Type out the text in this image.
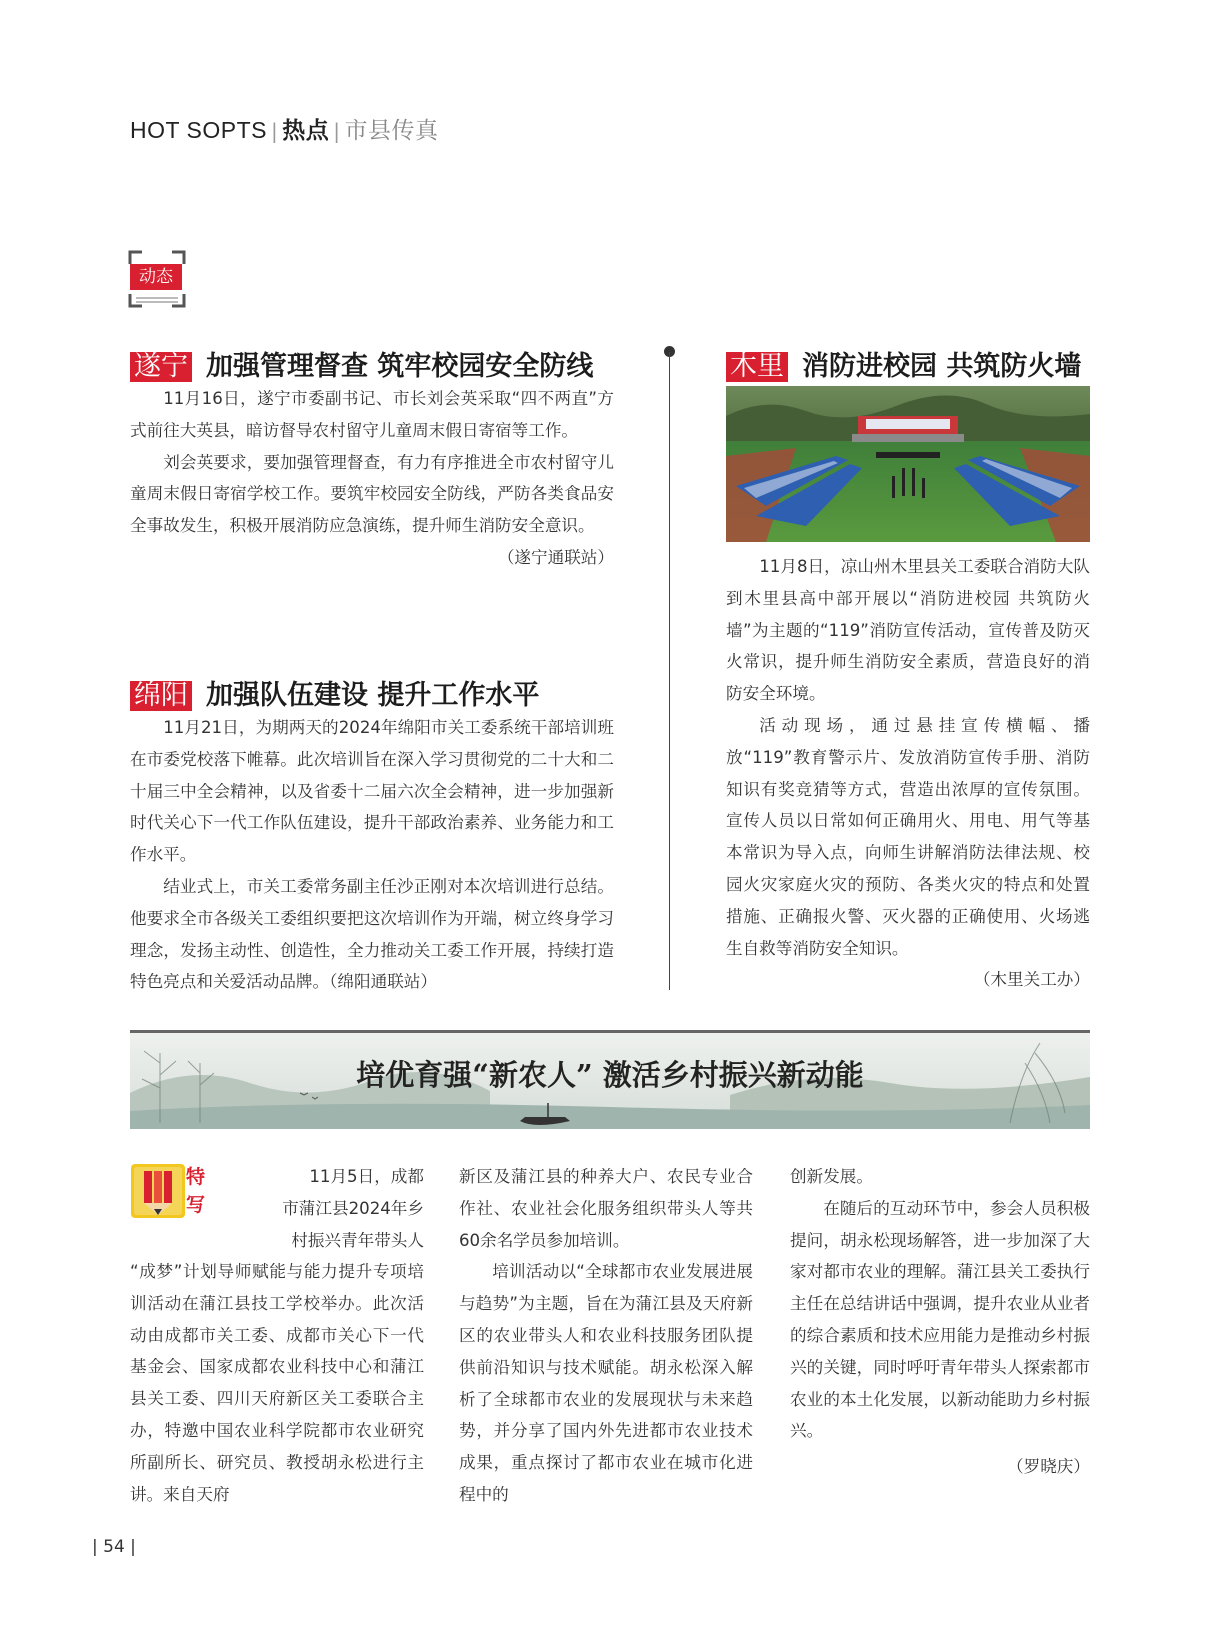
HOT SOPTS | 热点 | 市县传真
动态
遂宁 加强管理督查 筑牢校园安全防线

11月16日，遂宁市委副书记、市长刘会英采取“四不两直”方式前往大英县，暗访督导农村留守儿童周末假日寄宿等工作。

刘会英要求，要加强管理督查，有力有序推进全市农村留守儿童周末假日寄宿学校工作。要筑牢校园安全防线，严防各类食品安全事故发生，积极开展消防应急演练，提升师生消防安全意识。

（遂宁通联站）
绵阳 加强队伍建设 提升工作水平

11月21日，为期两天的2024年绵阳市关工委系统干部培训班在市委党校落下帷幕。此次培训旨在深入学习贯彻党的二十大和二十届三中全会精神，以及省委十二届六次全会精神，进一步加强新时代关心下一代工作队伍建设，提升干部政治素养、业务能力和工作水平。

结业式上，市关工委常务副主任沙正刚对本次培训进行总结。他要求全市各级关工委组织要把这次培训作为开端，树立终身学习理念，发扬主动性、创造性，全力推动关工委工作开展，持续打造特色亮点和关爱活动品牌。（绵阳通联站）

木里 消防进校园 共筑防火墙

11月8日，凉山州木里县关工委联合消防大队到木里县高中部开展以“消防进校园 共筑防火墙”为主题的“119”消防宣传活动，宣传普及防灭火常识，提升师生消防安全素质，营造良好的消防安全环境。

活动现场，通过悬挂宣传横幅、播放“119”教育警示片、发放消防宣传手册、消防知识有奖竞猜等方式，营造出浓厚的宣传氛围。宣传人员以日常如何正确用火、用电、用气等基本常识为导入点，向师生讲解消防法律法规、校园火灾家庭火灾的预防、各类火灾的特点和处置措施、正确报火警、灭火器的正确使用、火场逃生自救等消防安全知识。

（木里关工办）
培优育强“新农人” 激活乡村振兴新动能
特
写
11月5日，成都
市蒲江县2024年乡
村振兴青年带头人
“成梦”计划导师赋能与能力提升专项培训活动在蒲江县技工学校举办。此次活动由成都市关工委、成都市关心下一代基金会、国家成都农业科技中心和蒲江县关工委、四川天府新区关工委联合主办，特邀中国农业科学院都市农业研究所副所长、研究员、教授胡永松进行主讲。来自天府
新区及蒲江县的种养大户、农民专业合作社、农业社会化服务组织带头人等共60余名学员参加培训。

培训活动以“全球都市农业发展进展与趋势”为主题，旨在为蒲江县及天府新区的农业带头人和农业科技服务团队提供前沿知识与技术赋能。胡永松深入解析了全球都市农业的发展现状与未来趋势，并分享了国内外先进都市农业技术成果，重点探讨了都市农业在城市化进程中的

创新发展。

在随后的互动环节中，参会人员积极提问，胡永松现场解答，进一步加深了大家对都市农业的理解。蒲江县关工委执行主任在总结讲话中强调，提升农业从业者的综合素质和技术应用能力是推动乡村振兴的关键，同时呼吁青年带头人探索都市农业的本土化发展，以新动能助力乡村振兴。

（罗晓庆）
| 54 |
